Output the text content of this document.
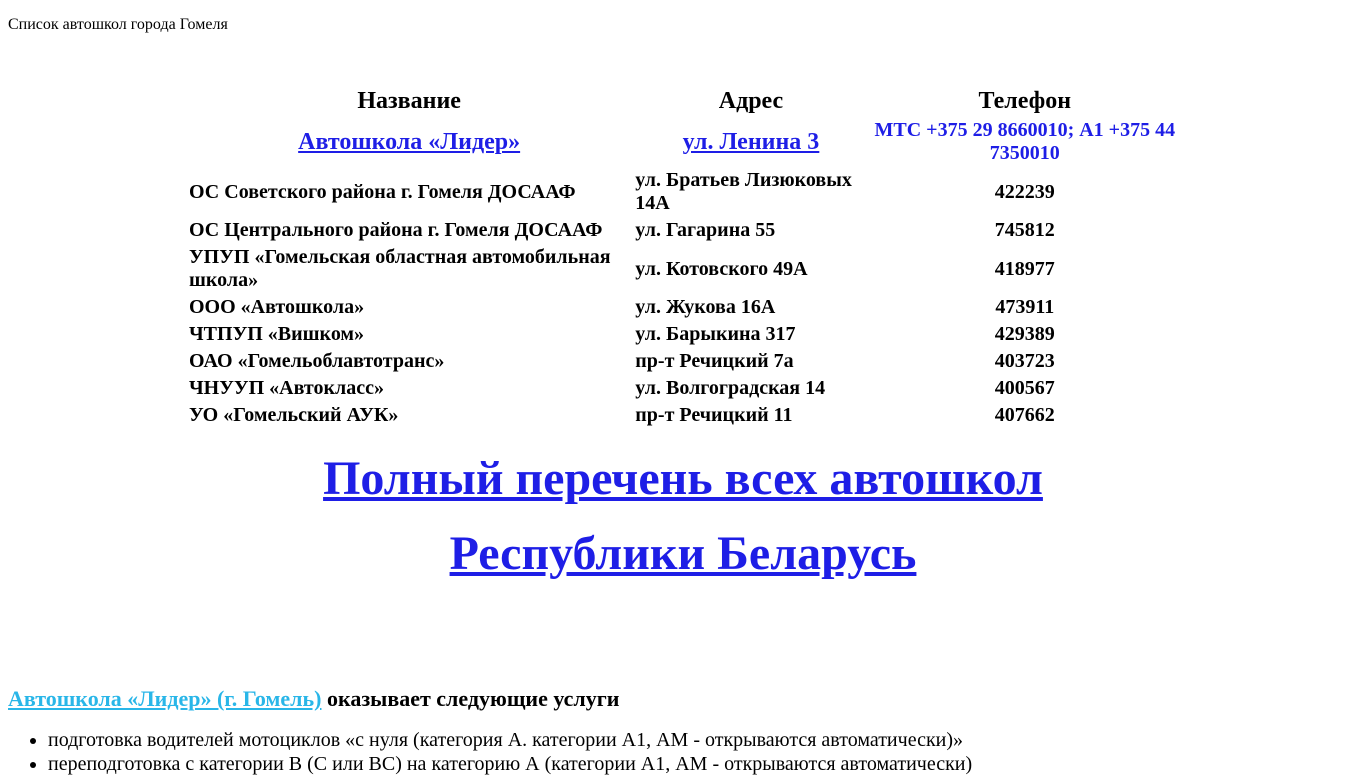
Список автошкол города Гомеля

Название	Адрес	Телефон
Автошкола «Лидер»	ул. Ленина 3	МТС +375 29 8660010; А1 +375 44 7350010
ОС Советского района г. Гомеля ДОСААФ	ул. Братьев Лизюковых 14А	422239
ОС Центрального района г. Гомеля ДОСААФ	ул. Гагарина 55	745812
УПУП «Гомельская областная автомобильная школа»	ул. Котовского 49А	418977
ООО «Автошкола»	ул. Жукова 16А	473911
ЧТПУП «Вишком»	ул. Барыкина 317	429389
ОАО «Гомельоблавтотранс»	пр-т Речицкий 7а	403723
ЧНУУП «Автокласс»	ул. Волгоградская 14	400567
УО «Гомельский АУК»	пр-т Речицкий 11	407662
Полный перечень всех автошкол
Республики Беларусь
Автошкола «Лидер» (г. Гомель) оказывает следующие услуги
• подготовка водителей мотоциклов «с нуля (категория А. категории А1, АМ - открываются автоматически)»
• переподготовка с категории В (С или ВС) на категорию А (категории А1, АМ - открываются автоматически)
